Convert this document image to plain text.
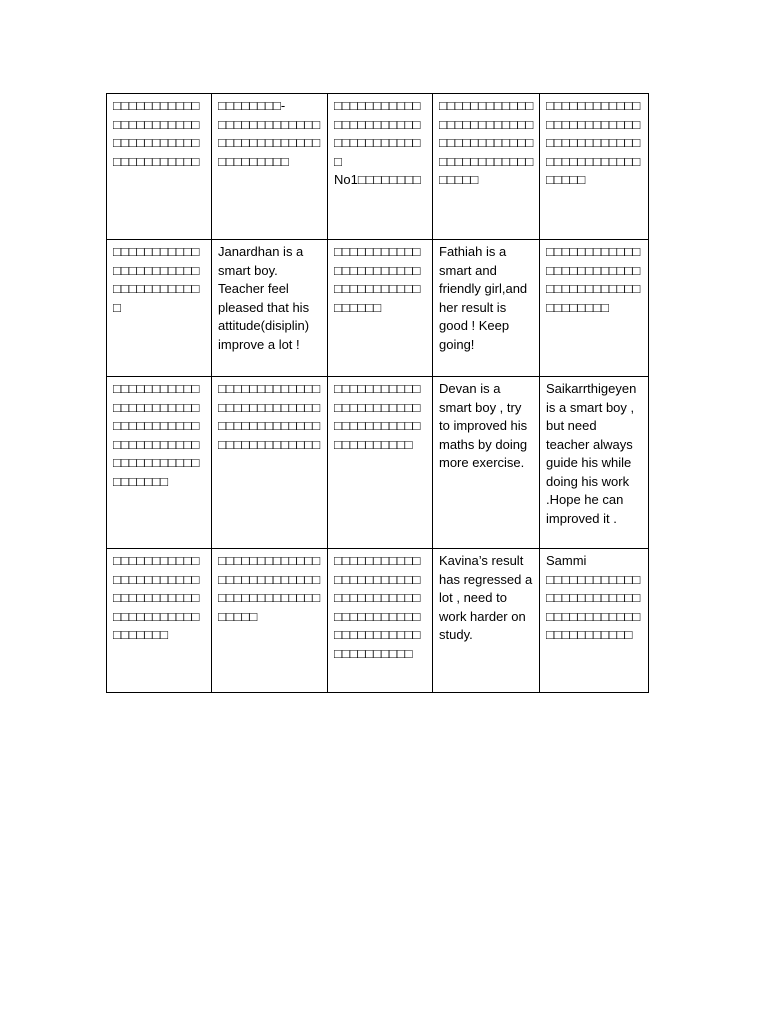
□□□□□□□□□□□□□□□□□□□□□□□□□□□□□□□□□□□□□□□□□□□□	□□□□□□□□-□□□□□□□□□□□□□□□□□□□□□□□□□□□□□□□□□□□	□□□□□□□□□□□□□□□□□□□□□□□□□□□□□□□□□□ No1□□□□□□□□	□□□□□□□□□□□□□□□□□□□□□□□□□□□□□□□□□□□□□□□□□□□□□□□□□□□□□	□□□□□□□□□□□□□□□□□□□□□□□□□□□□□□□□□□□□□□□□□□□□□□□□□□□□□

□□□□□□□□□□□□□□□□□□□□□□□□□□□□□□□□□□	Janardhan is a smart boy. Teacher feel pleased that his attitude(disiplin) improve a lot !	□□□□□□□□□□□□□□□□□□□□□□□□□□□□□□□□□□□□□□□	Fathiah is a smart and friendly girl,and her result is good ! Keep going!	□□□□□□□□□□□□□□□□□□□□□□□□□□□□□□□□□□□□□□□□□□□□

□□□□□□□□□□□□□□□□□□□□□□□□□□□□□□□□□□□□□□□□□□□□□□□□□□□□□□□□□□□□□□	□□□□□□□□□□□□□□□□□□□□□□□□□□□□□□□□□□□□□□□□□□□□□□□□□□□□	□□□□□□□□□□□□□□□□□□□□□□□□□□□□□□□□□□□□□□□□□□□	Devan is a smart boy , try to improved his maths by doing more exercise.	Saikarrthigeyen is a smart boy , but need teacher always guide his while doing his work .Hope he can improved it .

□□□□□□□□□□□□□□□□□□□□□□□□□□□□□□□□□□□□□□□□□□□□□□□□□□□	□□□□□□□□□□□□□□□□□□□□□□□□□□□□□□□□□□□□□□□□□□□□	□□□□□□□□□□□□□□□□□□□□□□□□□□□□□□□□□□□□□□□□□□□□□□□□□□□□□□□□□□□□□□□□□	Kavina’s result has regressed a lot , need to work harder on study.	Sammi □□□□□□□□□□□□□□□□□□□□□□□□□□□□□□□□□□□□□□□□□□□□□□□
